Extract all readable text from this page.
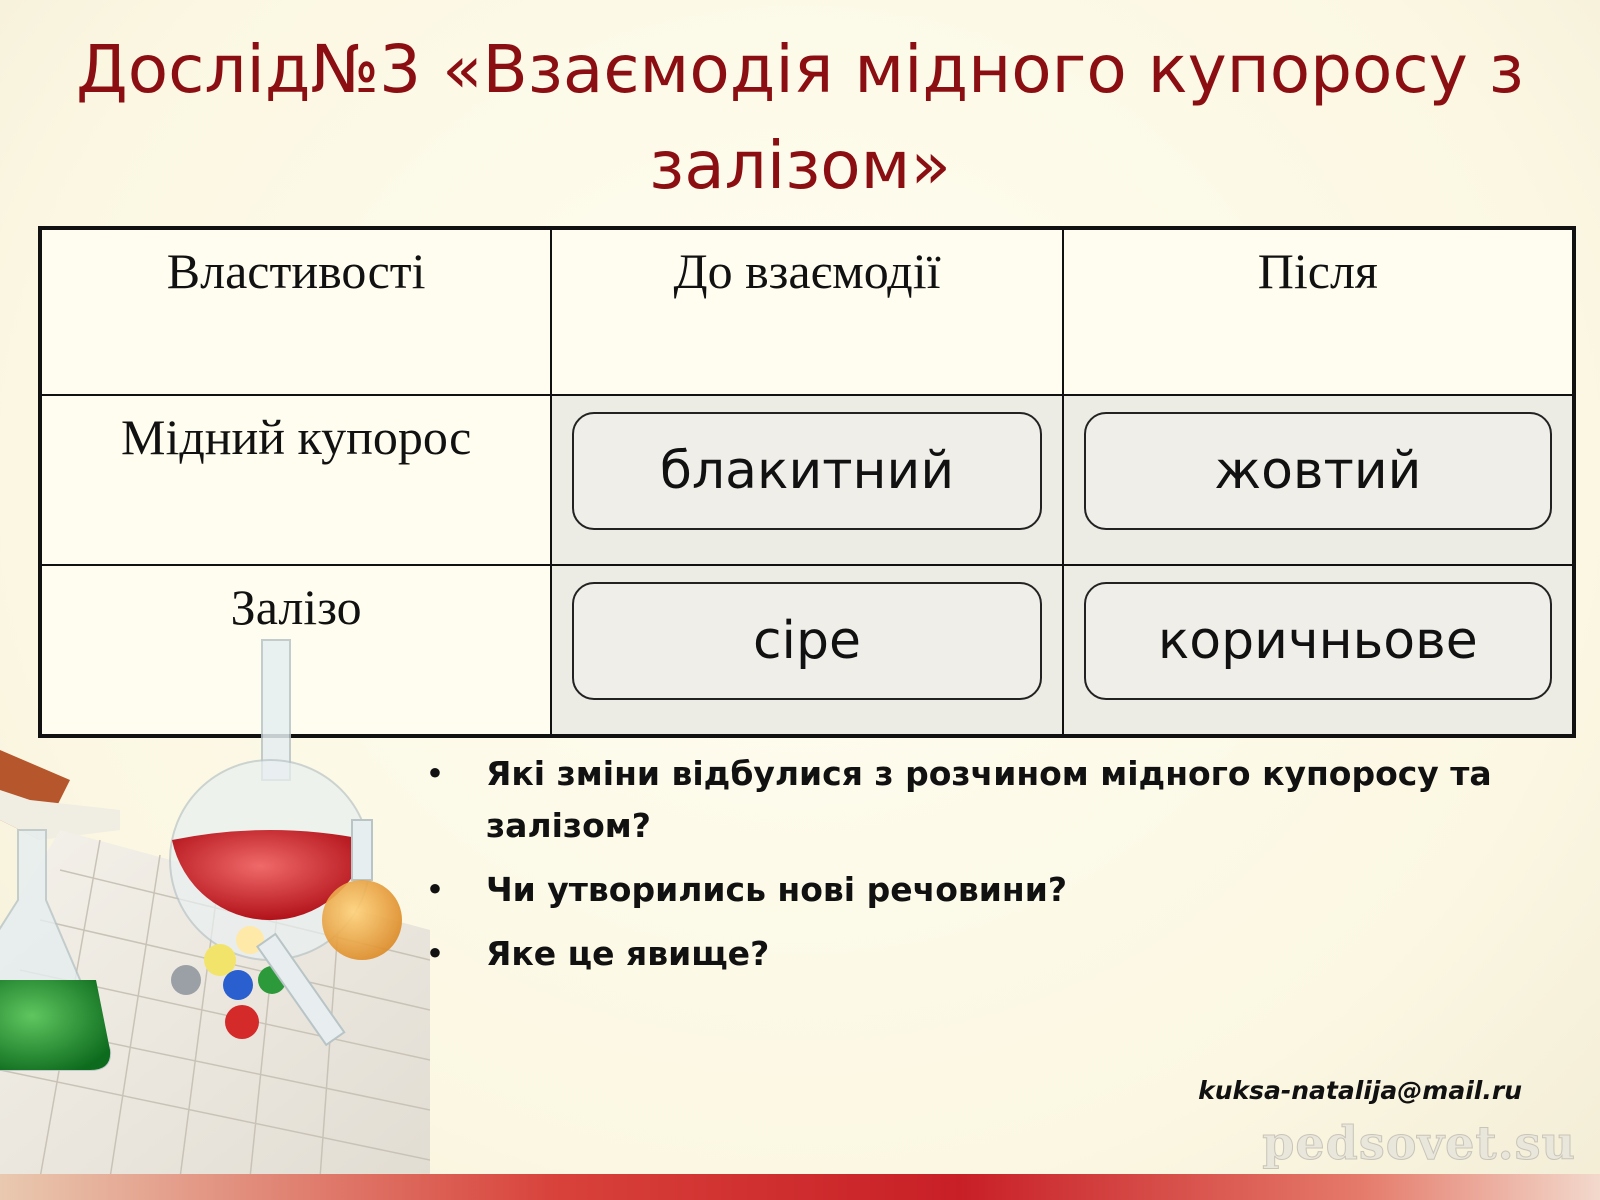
Дослід№3 «Взаємодія мідного купоросу з залізом»
Властивості	До взаємодії	Після
Мідний купорос	блакитний	жовтий

Залізо	сіре	коричньове
• Які зміни відбулися з розчином мідного купоросу та залізом?
• Чи утворились нові речовини?
• Яке це явище?
kuksa-natalija@mail.ru
pedsovet.su
